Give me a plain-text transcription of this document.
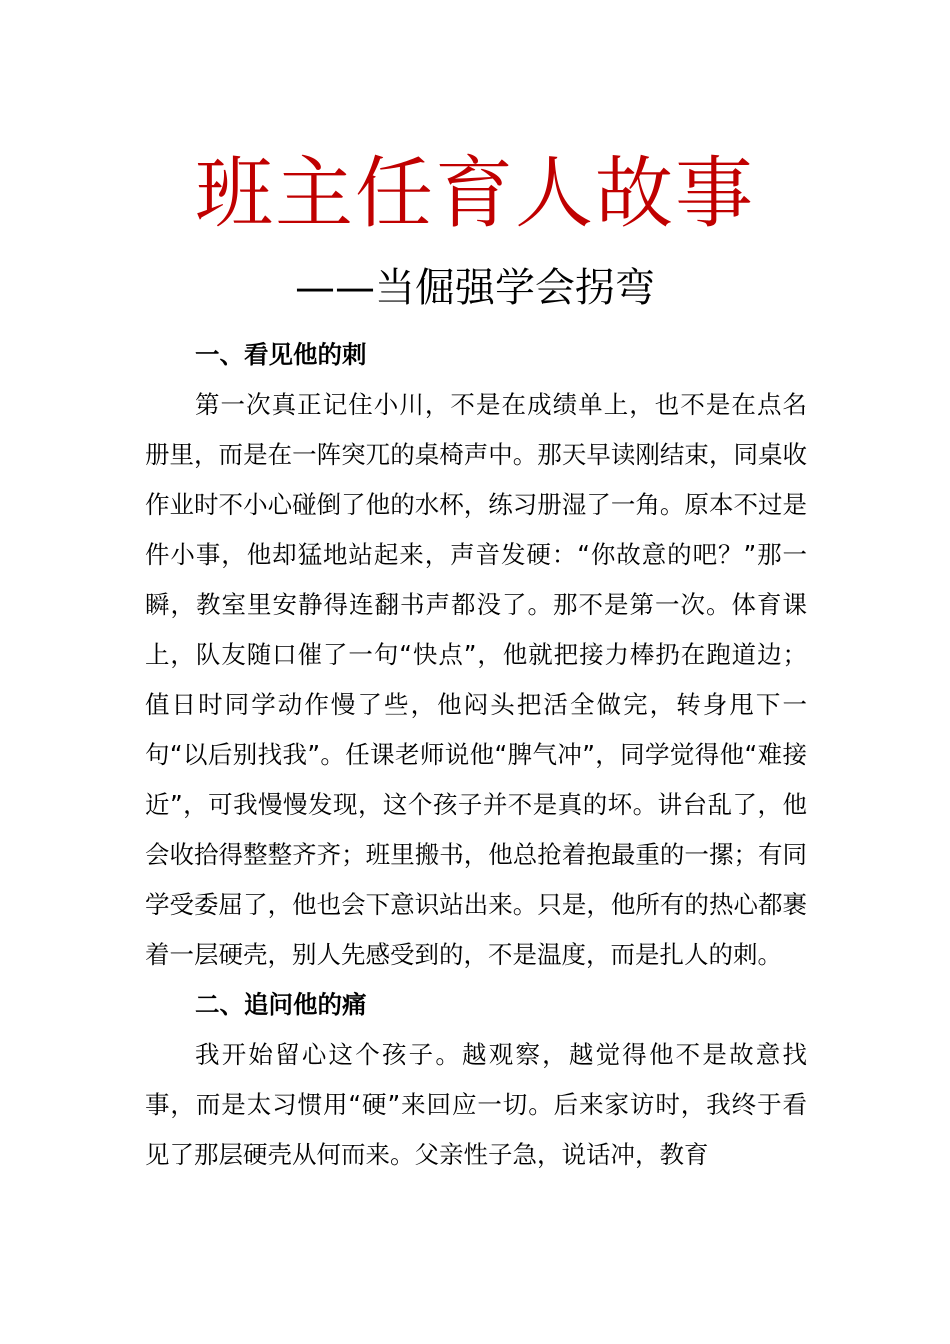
班主任育人故事
——当倔强学会拐弯
一、看见他的刺

第一次真正记住小川，不是在成绩单上，也不是在点名册里，而是在一阵突兀的桌椅声中。那天早读刚结束，同桌收作业时不小心碰倒了他的水杯，练习册湿了一角。原本不过是件小事，他却猛地站起来，声音发硬：“你故意的吧？”那一瞬，教室里安静得连翻书声都没了。那不是第一次。体育课上，队友随口催了一句“快点”，他就把接力棒扔在跑道边；值日时同学动作慢了些，他闷头把活全做完，转身甩下一句“以后别找我”。任课老师说他“脾气冲”，同学觉得他“难接近”，可我慢慢发现，这个孩子并不是真的坏。讲台乱了，他会收拾得整整齐齐；班里搬书，他总抢着抱最重的一摞；有同学受委屈了，他也会下意识站出来。只是，他所有的热心都裹着一层硬壳，别人先感受到的，不是温度，而是扎人的刺。

二、追问他的痛

我开始留心这个孩子。越观察，越觉得他不是故意找事，而是太习惯用“硬”来回应一切。后来家访时，我终于看见了那层硬壳从何而来。父亲性子急，说话冲，教育
